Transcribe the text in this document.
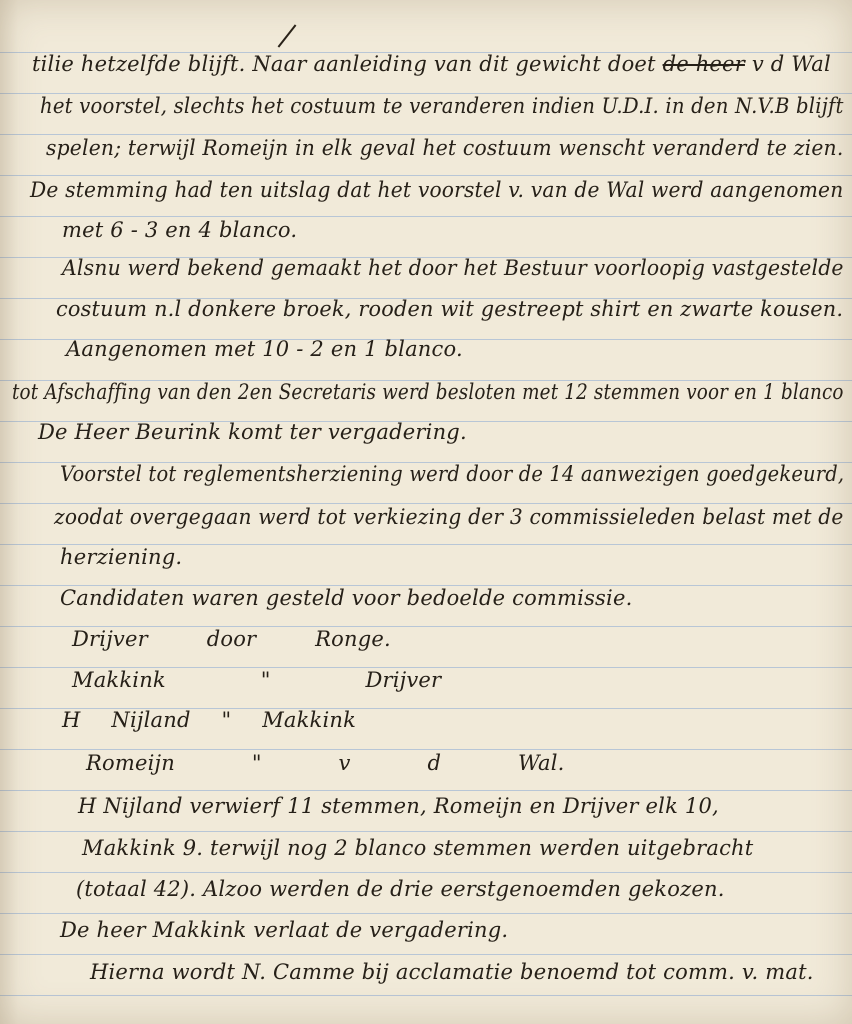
tilie hetzelfde blijft. Naar aanleiding van dit gewicht doet de heer v d Wal
het voorstel, slechts het costuum te veranderen indien U.D.I. in den N.V.B blijft
spelen; terwijl Romeijn in elk geval het costuum wenscht veranderd te zien.
De stemming had ten uitslag dat het voorstel v. van de Wal werd aangenomen
met 6 - 3 en 4 blanco.
Alsnu werd bekend gemaakt het door het Bestuur voorloopig vastgestelde
costuum n.l donkere broek, rooden wit gestreept shirt en zwarte kousen.
Aangenomen met 10 - 2 en 1 blanco.
tot Afschaffing van den 2en Secretaris werd besloten met 12 stemmen voor en 1 blanco
De Heer Beurink komt ter vergadering.
Voorstel tot reglementsherziening werd door de 14 aanwezigen goedgekeurd,
zoodat overgegaan werd tot verkiezing der 3 commissieleden belast met de
herziening.
Candidaten waren gesteld voor bedoelde commissie.
Drijver door Ronge.
Makkink " Drijver
H Nijland " Makkink
Romeijn " v d Wal.
H Nijland verwierf 11 stemmen, Romeijn en Drijver elk 10,
Makkink 9. terwijl nog 2 blanco stemmen werden uitgebracht
(totaal 42). Alzoo werden de drie eerstgenoemden gekozen.
De heer Makkink verlaat de vergadering.
Hierna wordt N. Camme bij acclamatie benoemd tot comm. v. mat.
